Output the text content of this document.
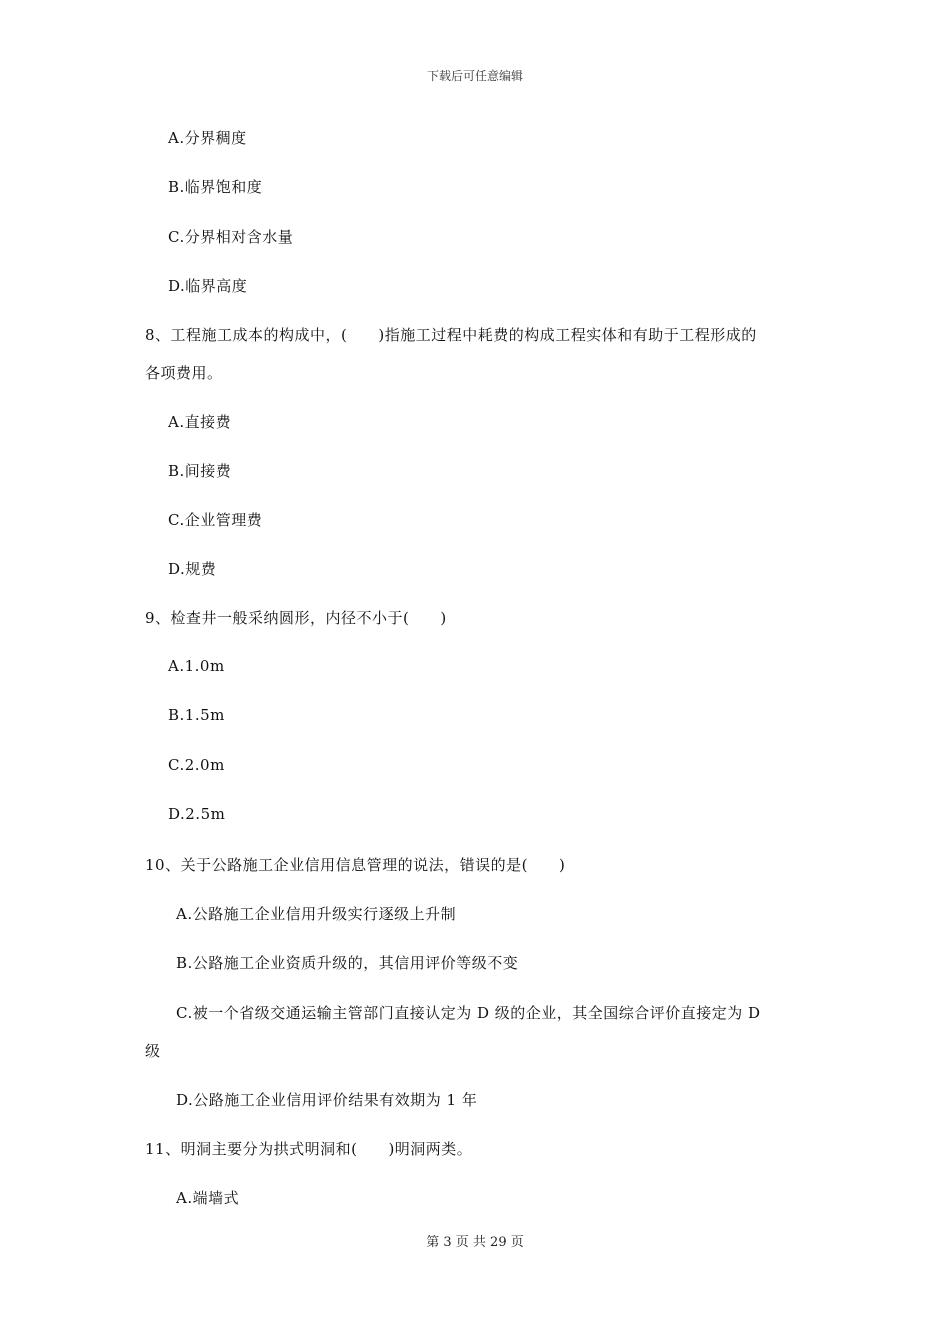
下载后可任意编辑
A.分界稠度
B.临界饱和度
C.分界相对含水量
D.临界高度
8、工程施工成本的构成中，(　　)指施工过程中耗费的构成工程实体和有助于工程形成的
各项费用。
A.直接费
B.间接费
C.企业管理费
D.规费
9、检查井一般采纳圆形，内径不小于(　　)
A.1.0m
B.1.5m
C.2.0m
D.2.5m
10、关于公路施工企业信用信息管理的说法，错误的是(　　)
A.公路施工企业信用升级实行逐级上升制
B.公路施工企业资质升级的，其信用评价等级不变
C.被一个省级交通运输主管部门直接认定为 D 级的企业，其全国综合评价直接定为 D
级
D.公路施工企业信用评价结果有效期为 1 年
11、明洞主要分为拱式明洞和(　　)明洞两类。
A.端墙式
第 3 页 共 29 页
